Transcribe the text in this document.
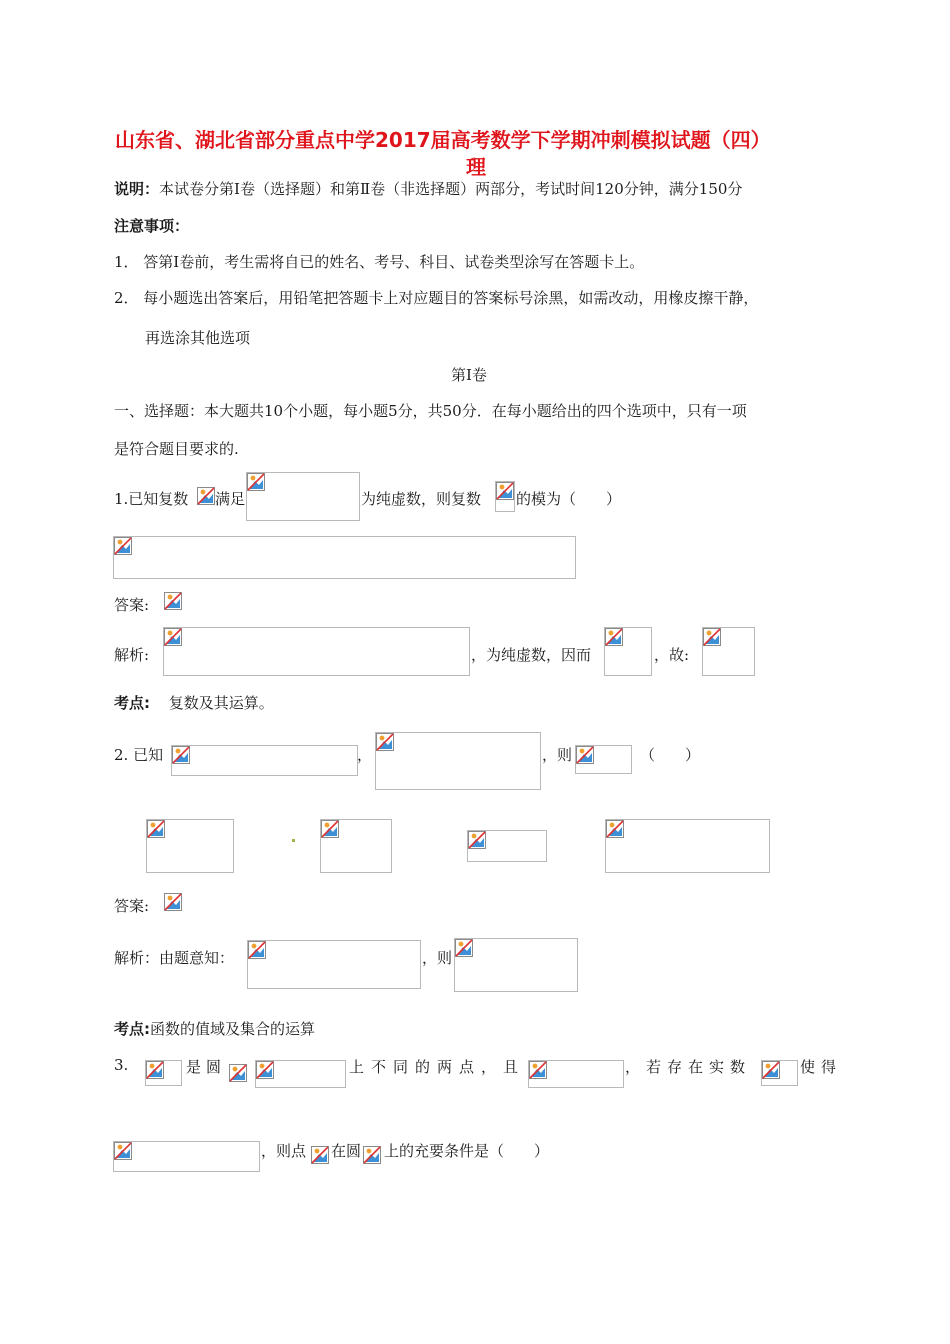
山东省、湖北省部分重点中学2017届高考数学下学期冲刺模拟试题（四）
理
说明：本试卷分第Ⅰ卷（选择题）和第Ⅱ卷（非选择题）两部分，考试时间120分钟，满分150分
注意事项：
1． 答第Ⅰ卷前，考生需将自已的姓名、考号、科目、试卷类型涂写在答题卡上。
2． 每小题选出答案后，用铅笔把答题卡上对应题目的答案标号涂黑，如需改动，用橡皮擦干静，
再选涂其他选项
第Ⅰ卷
一、选择题：本大题共10个小题，每小题5分，共50分．在每小题给出的四个选项中，只有一项
是符合题目要求的.
1.已知复数 满足	为纯虚数，则复数 的模为（　　）
答案:
解析:	，为纯虚数，因而	，故:
考点: 复数及其运算。
2. 已知	，	，则	（　　）
答案:
解析：由题意知：	，则
考点:函数的值域及集合的运算
3.	是圆	上不同的两点，且	，若存在实数	使得
，则点 在圆 上的充要条件是（　　）
